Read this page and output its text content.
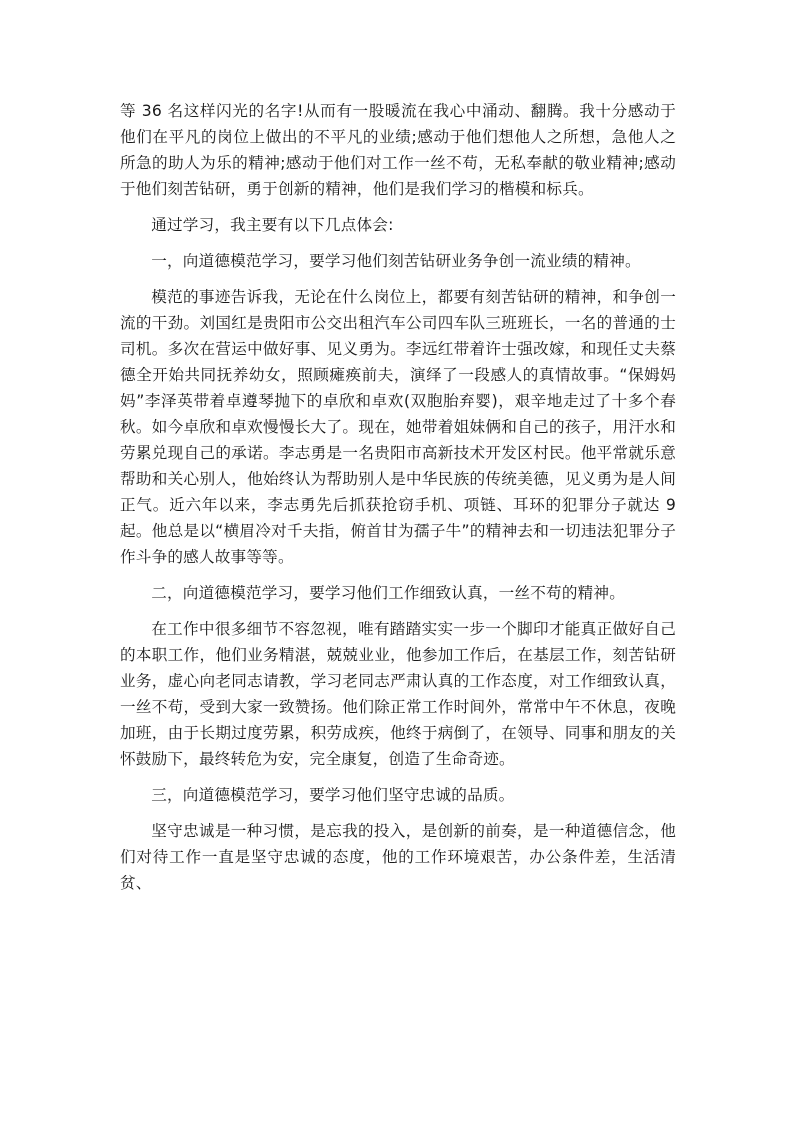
等 36 名这样闪光的名字!从而有一股暖流在我心中涌动、翻腾。我十分感动于他们在平凡的岗位上做出的不平凡的业绩;感动于他们想他人之所想，急他人之所急的助人为乐的精神;感动于他们对工作一丝不苟，无私奉献的敬业精神;感动于他们刻苦钻研，勇于创新的精神，他们是我们学习的楷模和标兵。

通过学习，我主要有以下几点体会:

一，向道德模范学习，要学习他们刻苦钻研业务争创一流业绩的精神。

模范的事迹告诉我，无论在什么岗位上，都要有刻苦钻研的精神，和争创一流的干劲。刘国红是贵阳市公交出租汽车公司四车队三班班长，一名的普通的士司机。多次在营运中做好事、见义勇为。李远红带着许士强改嫁，和现任丈夫蔡德全开始共同抚养幼女，照顾瘫痪前夫，演绎了一段感人的真情故事。“保姆妈妈”李泽英带着卓遵琴抛下的卓欣和卓欢(双胞胎弃婴)，艰辛地走过了十多个春秋。如今卓欣和卓欢慢慢长大了。现在，她带着姐妹俩和自己的孩子，用汗水和劳累兑现自己的承诺。李志勇是一名贵阳市高新技术开发区村民。他平常就乐意帮助和关心别人，他始终认为帮助别人是中华民族的传统美德，见义勇为是人间正气。近六年以来，李志勇先后抓获抢窃手机、项链、耳环的犯罪分子就达 9 起。他总是以“横眉冷对千夫指，俯首甘为孺子牛”的精神去和一切违法犯罪分子作斗争的感人故事等等。

二，向道德模范学习，要学习他们工作细致认真，一丝不苟的精神。

在工作中很多细节不容忽视，唯有踏踏实实一步一个脚印才能真正做好自己的本职工作，他们业务精湛，兢兢业业，他参加工作后，在基层工作，刻苦钻研业务，虚心向老同志请教，学习老同志严肃认真的工作态度，对工作细致认真，一丝不苟，受到大家一致赞扬。他们除正常工作时间外，常常中午不休息，夜晚加班，由于长期过度劳累，积劳成疾，他终于病倒了，在领导、同事和朋友的关怀鼓励下，最终转危为安，完全康复，创造了生命奇迹。

三，向道德模范学习，要学习他们坚守忠诚的品质。

坚守忠诚是一种习惯，是忘我的投入，是创新的前奏，是一种道德信念，他们对待工作一直是坚守忠诚的态度，他的工作环境艰苦，办公条件差，生活清贫、
